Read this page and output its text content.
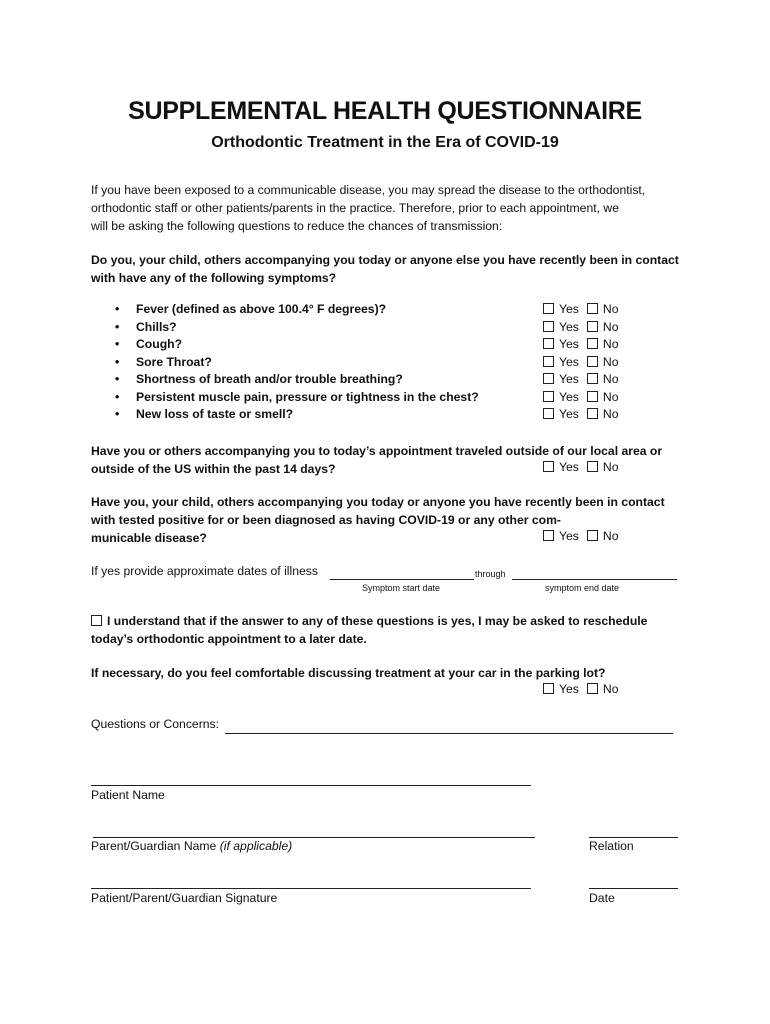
SUPPLEMENTAL HEALTH QUESTIONNAIRE
Orthodontic Treatment in the Era of COVID-19
If you have been exposed to a communicable disease, you may spread the disease to the orthodontist,
orthodontic staff or other patients/parents in the practice. Therefore, prior to each appointment, we
will be asking the following questions to reduce the chances of transmission:
Do you, your child, others accompanying you today or anyone else you have recently been in contact
with have any of the following symptoms?
• Fever (defined as above 100.4° F degrees)?	Yes No
• Chills?	Yes No
• Cough?	Yes No
• Sore Throat?	Yes No
• Shortness of breath and/or trouble breathing?	Yes No
• Persistent muscle pain, pressure or tightness in the chest?	Yes No
• New loss of taste or smell?	Yes No
Have you or others accompanying you to today’s appointment traveled outside of our local area or
outside of the US within the past 14 days?	Yes No
Have you, your child, others accompanying you today or anyone you have recently been in contact
with tested positive for or been diagnosed as having COVID-19 or any other com-
municable disease?	Yes No
If yes provide approximate dates of illness	through
Symptom start date	symptom end date
I understand that if the answer to any of these questions is yes, I may be asked to reschedule
today’s orthodontic appointment to a later date.
If necessary, do you feel comfortable discussing treatment at your car in the parking lot?
Yes No
Questions or Concerns:
Patient Name
Parent/Guardian Name (if applicable)	Relation
Patient/Parent/Guardian Signature	Date
